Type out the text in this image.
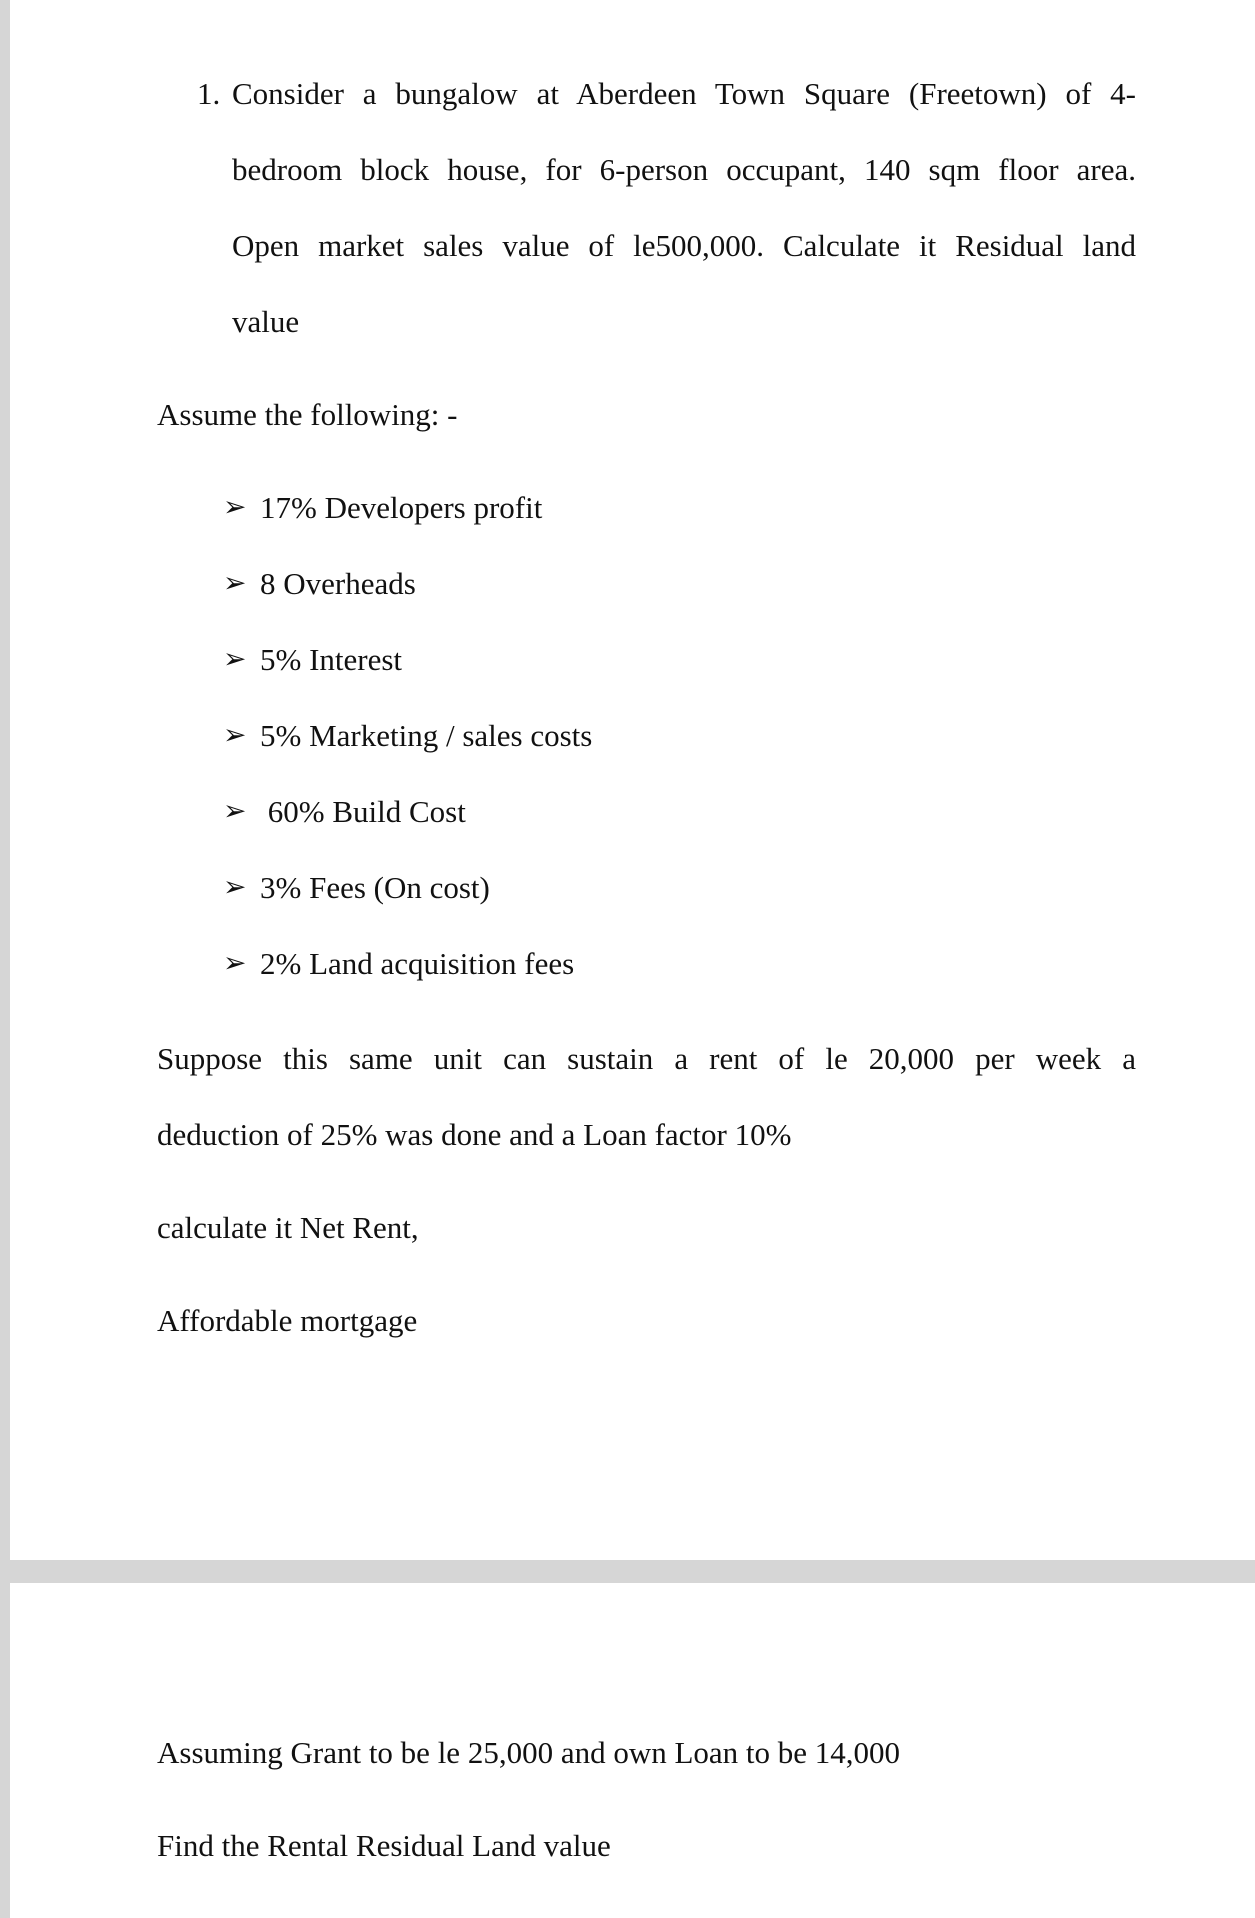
1. Consider a bungalow at Aberdeen Town Square (Freetown) of 4-
bedroom block house, for 6-person occupant, 140 sqm floor area.
Open market sales value of le500,000. Calculate it Residual land
value
Assume the following: -
➢ 17% Developers profit
➢ 8 Overheads
➢ 5% Interest
➢ 5% Marketing / sales costs
➢ 60% Build Cost
➢ 3% Fees (On cost)
➢ 2% Land acquisition fees
Suppose this same unit can sustain a rent of le 20,000 per week a
deduction of 25% was done and a Loan factor 10%
calculate it Net Rent,
Affordable mortgage
Assuming Grant to be le 25,000 and own Loan to be 14,000
Find the Rental Residual Land value
